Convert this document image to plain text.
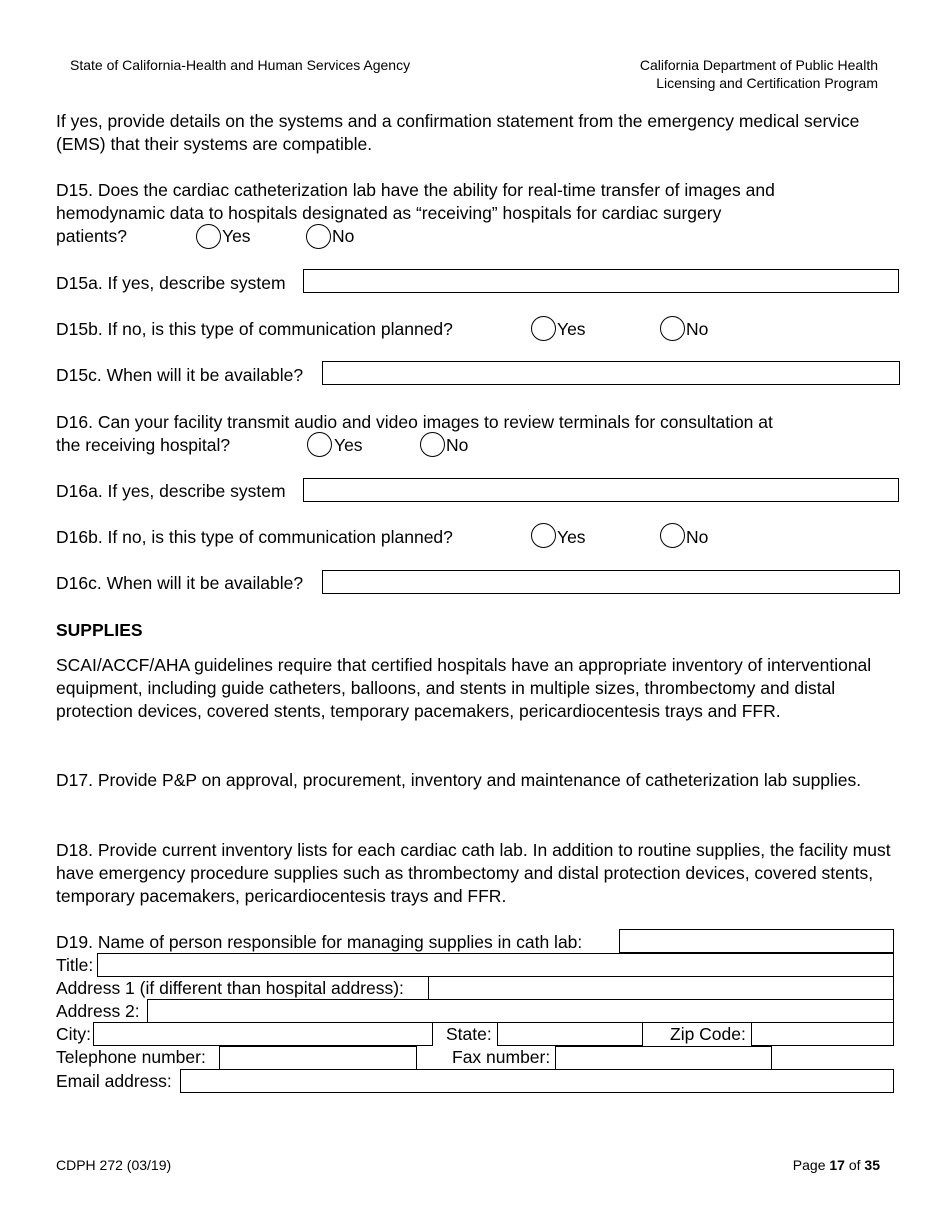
State of California-Health and Human Services Agency	California Department of Public Health
Licensing and Certification Program
If yes, provide details on the systems and a confirmation statement from the emergency medical service (EMS) that their systems are compatible.
D15. Does the cardiac catheterization lab have the ability for real-time transfer of images and
hemodynamic data to hospitals designated as “receiving” hospitals for cardiac surgery
patients?	Yes	No
D15a. If yes, describe system
D15b. If no, is this type of communication planned?	Yes	No
D15c. When will it be available?
D16. Can your facility transmit audio and video images to review terminals for consultation at
the receiving hospital?	Yes	No
D16a. If yes, describe system
D16b. If no, is this type of communication planned?	Yes	No
D16c. When will it be available?
SUPPLIES
SCAI/ACCF/AHA guidelines require that certified hospitals have an appropriate inventory of interventional equipment, including guide catheters, balloons, and stents in multiple sizes, thrombectomy and distal protection devices, covered stents, temporary pacemakers, pericardiocentesis trays and FFR.
D17. Provide P&P on approval, procurement, inventory and maintenance of catheterization lab supplies.
D18. Provide current inventory lists for each cardiac cath lab. In addition to routine supplies, the facility must have emergency procedure supplies such as thrombectomy and distal protection devices, covered stents, temporary pacemakers, pericardiocentesis trays and FFR.
D19. Name of person responsible for managing supplies in cath lab:
Title:
Address 1 (if different than hospital address):
Address 2:
City:	State:	Zip Code:
Telephone number:	Fax number:
Email address:
CDPH 272 (03/19)	Page 17 of 35
